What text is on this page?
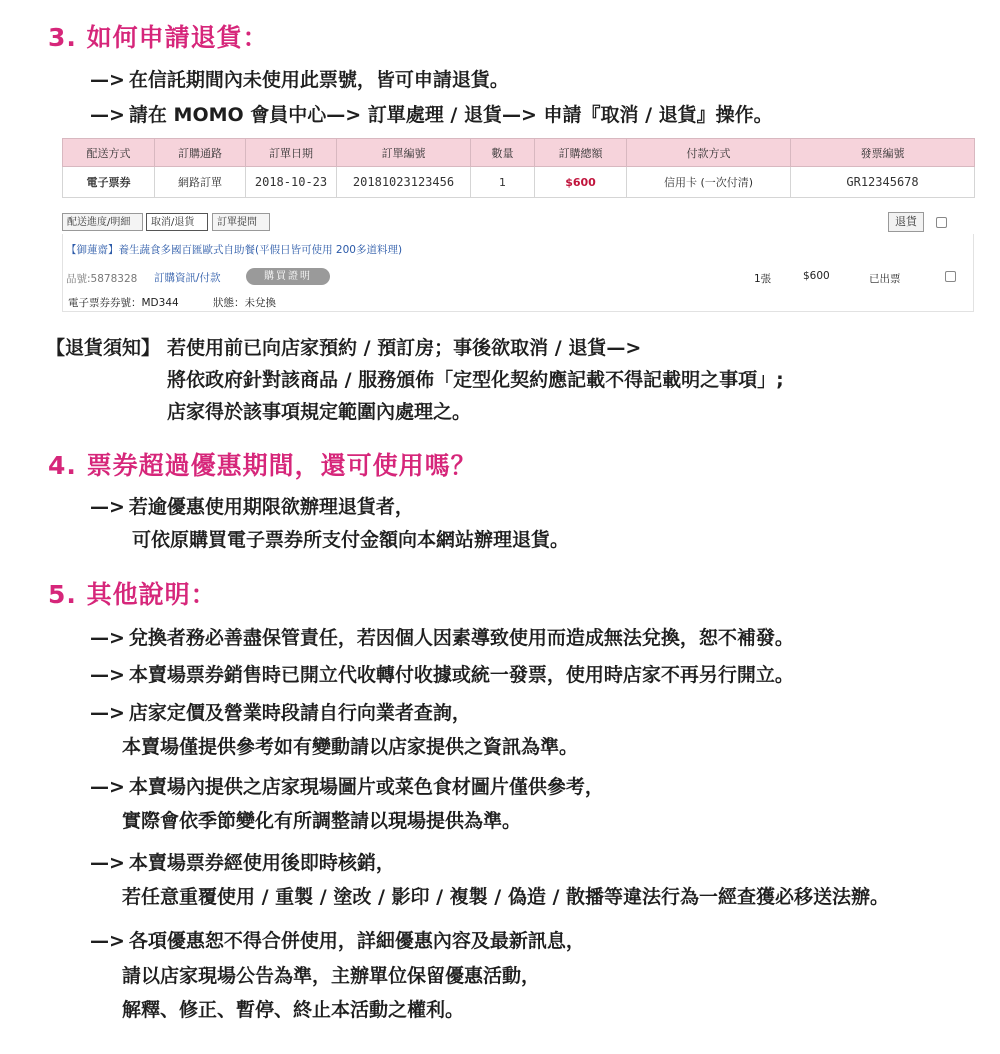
3. 如何申請退貨：
—> 在信託期間內未使用此票號，皆可申請退貨。
—> 請在 MOMO 會員中心—> 訂單處理 / 退貨—> 申請『取消 / 退貨』操作。
配送方式	訂購通路	訂單日期	訂單編號	數量	訂購總額	付款方式	發票編號
電子票券	網路訂單	2018-10-23	20181023123456	1	$600	信用卡 (一次付清)	GR12345678
配送進度/明細	取消/退貨	訂單提問	退貨
【御蓮齋】養生蔬食多國百匯歐式自助餐(平假日皆可使用 200多道料理)
品號:5878328 訂購資訊/付款	購買證明	1張	$600	已出票
電子票券券號：MD344	狀態：未兌換
【退貨須知】 若使用前已向店家預約 / 預訂房；事後欲取消 / 退貨—>
將依政府針對該商品 / 服務頒佈「定型化契約應記載不得記載明之事項」;
店家得於該事項規定範圍內處理之。
4. 票券超過優惠期間，還可使用嗎？
—> 若逾優惠使用期限欲辦理退貨者，
可依原購買電子票券所支付金額向本網站辦理退貨。
5. 其他說明：
—> 兌換者務必善盡保管責任，若因個人因素導致使用而造成無法兌換，恕不補發。
—> 本賣場票券銷售時已開立代收轉付收據或統一發票，使用時店家不再另行開立。
—> 店家定價及營業時段請自行向業者查詢，
本賣場僅提供參考如有變動請以店家提供之資訊為準。
—> 本賣場內提供之店家現場圖片或菜色食材圖片僅供參考，
實際會依季節變化有所調整請以現場提供為準。
—> 本賣場票券經使用後即時核銷，
若任意重覆使用 / 重製 / 塗改 / 影印 / 複製 / 偽造 / 散播等違法行為一經查獲必移送法辦。
—> 各項優惠恕不得合併使用，詳細優惠內容及最新訊息，
請以店家現場公告為準，主辦單位保留優惠活動，
解釋、修正、暫停、終止本活動之權利。
